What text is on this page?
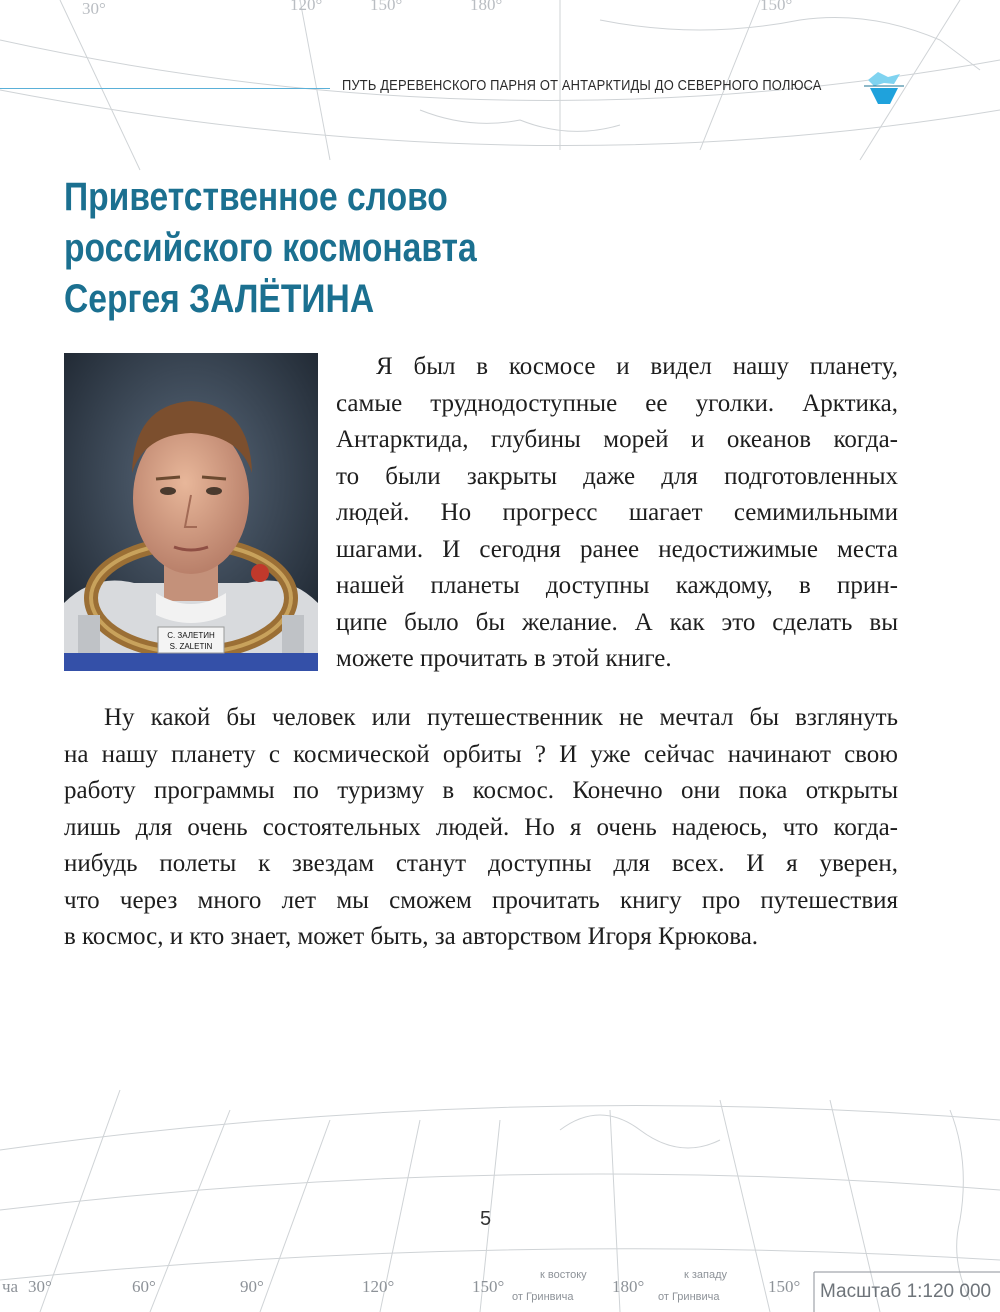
30°	120°	150°	180°	150°
ча 30°	60°	90°	120°	150°	180°	150°
к востоку
от Гринвича
к западу
от Гринвича	Масштаб 1:120 000
ПУТЬ ДЕРЕВЕНСКОГО ПАРНЯ ОТ АНТАРКТИДЫ ДО СЕВЕРНОГО ПОЛЮСА
Приветственное слово
российского космонавта
Сергея ЗАЛЁТИНА
С. ЗАЛЕТИН
S. ZALETIN
Я был в космосе и видел нашу планету,
самые труднодоступные ее уголки. Арктика,
Антарктида, глубины морей и океанов когда-
то были закрыты даже для подготовленных
людей. Но прогресс шагает семимильными
шагами. И сегодня ранее недостижимые места
нашей планеты доступны каждому, в прин-
ципе было бы желание. А как это сделать вы
можете прочитать в этой книге.
Ну какой бы человек или путешественник не мечтал бы взглянуть
на нашу планету с космической орбиты ? И уже сейчас начинают свою
работу программы по туризму в космос. Конечно они пока открыты
лишь для очень состоятельных людей. Но я очень надеюсь, что когда-
нибудь полеты к звездам станут доступны для всех. И я уверен,
что через много лет мы сможем прочитать книгу про путешествия
в космос, и кто знает, может быть, за авторством Игоря Крюкова.
5
